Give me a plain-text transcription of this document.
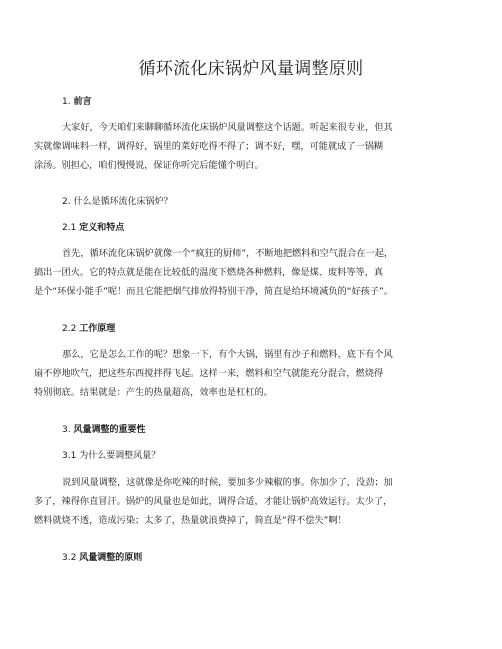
循环流化床锅炉风量调整原则
1. 前言
大家好，今天咱们来聊聊循环流化床锅炉风量调整这个话题。听起来很专业，但其
实就像调味料一样，调得好，锅里的菜好吃得不得了；调不好，嘿，可能就成了一锅糊
涂汤。别担心，咱们慢慢说，保证你听完后能懂个明白。
2. 什么是循环流化床锅炉？
2.1 定义和特点
首先，循环流化床锅炉就像一个“疯狂的厨师”，不断地把燃料和空气混合在一起，
搞出一团火。它的特点就是能在比较低的温度下燃烧各种燃料，像是煤、废料等等，真
是个“环保小能手”呢！而且它能把烟气排放得特别干净，简直是给环境减负的“好孩子”。
2.2 工作原理
那么，它是怎么工作的呢？想象一下，有个大锅，锅里有沙子和燃料，底下有个风
扇不停地吹气，把这些东西搅拌得飞起。这样一来，燃料和空气就能充分混合，燃烧得
特别彻底。结果就是：产生的热量超高，效率也是杠杠的。
3. 风量调整的重要性
3.1 为什么要调整风量？
说到风量调整，这就像是你吃辣的时候，要加多少辣椒的事。你加少了，没劲；加
多了，辣得你直冒汗。锅炉的风量也是如此，调得合适，才能让锅炉高效运行。太少了，
燃料就烧不透，造成污染；太多了，热量就浪费掉了，简直是“得不偿失”啊！
3.2 风量调整的原则
